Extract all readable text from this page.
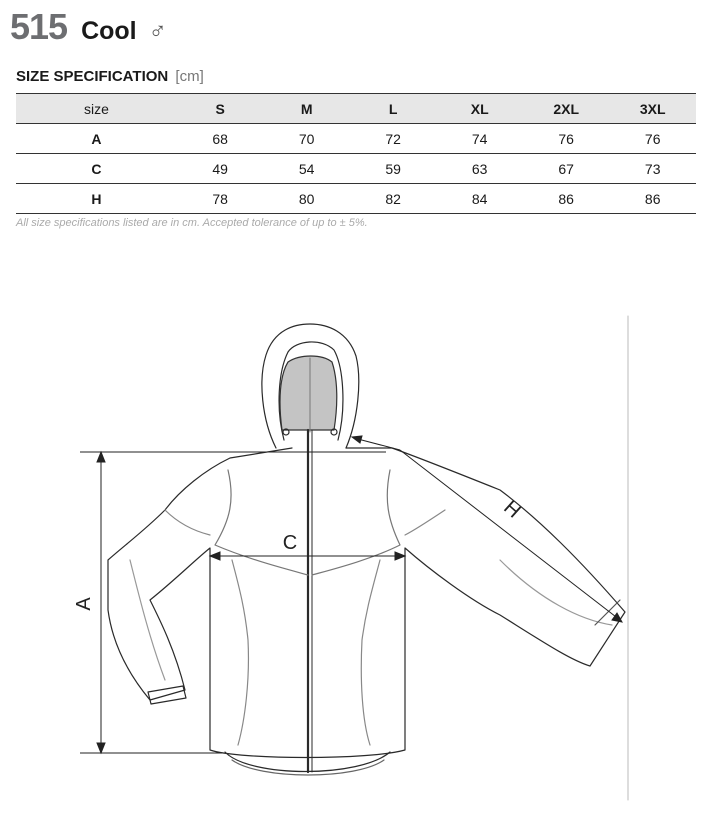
515 Cool ♂
SIZE SPECIFICATION [cm]
size	S	M	L	XL	2XL	3XL
A	68	70	72	74	76	76
C	49	54	59	63	67	73
H	78	80	82	84	86	86
All size specifications listed are in cm. Accepted tolerance of up to ± 5%.
A
C
H
